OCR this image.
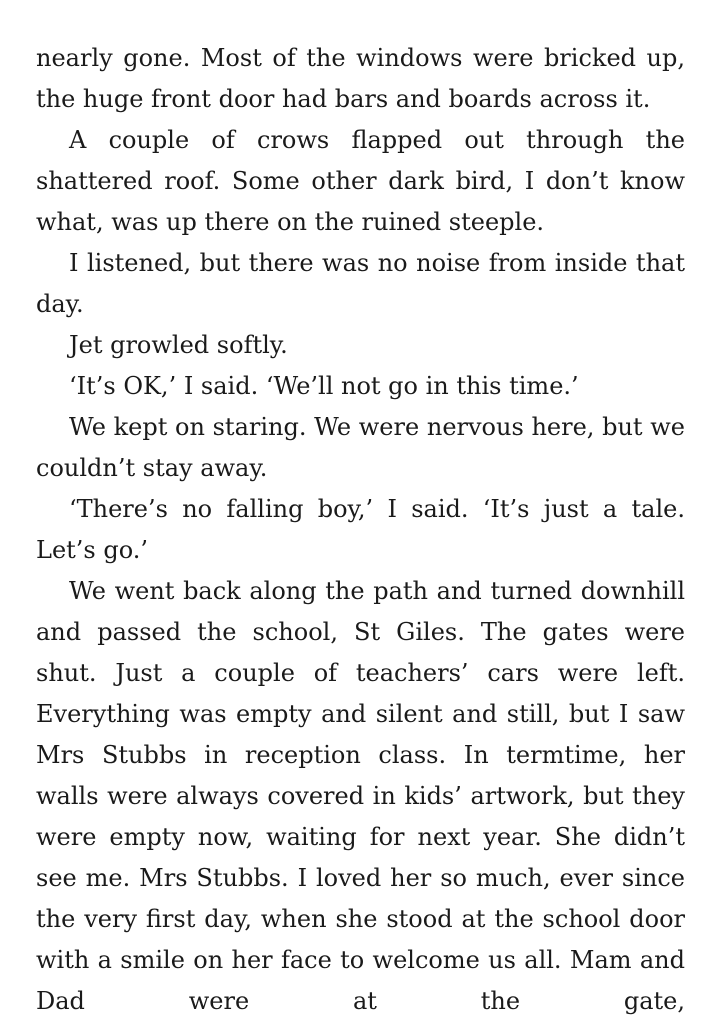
nearly gone. Most of the windows were bricked up, the huge front door had bars and boards across it.

A couple of crows flapped out through the shattered roof. Some other dark bird, I don’t know what, was up there on the ruined steeple.

I listened, but there was no noise from inside that day.

Jet growled softly.

‘It’s OK,’ I said. ‘We’ll not go in this time.’

We kept on staring. We were nervous here, but we couldn’t stay away.

‘There’s no falling boy,’ I said. ‘It’s just a tale. Let’s go.’

We went back along the path and turned downhill and passed the school, St Giles. The gates were shut. Just a couple of teachers’ cars were left. Everything was empty and silent and still, but I saw Mrs Stubbs in reception class. In termtime, her walls were always covered in kids’ artwork, but they were empty now, waiting for next year. She didn’t see me. Mrs Stubbs. I loved her so much, ever since the very first day, when she stood at the school door with a smile on her face to welcome us all. Mam and Dad were at the gate,
